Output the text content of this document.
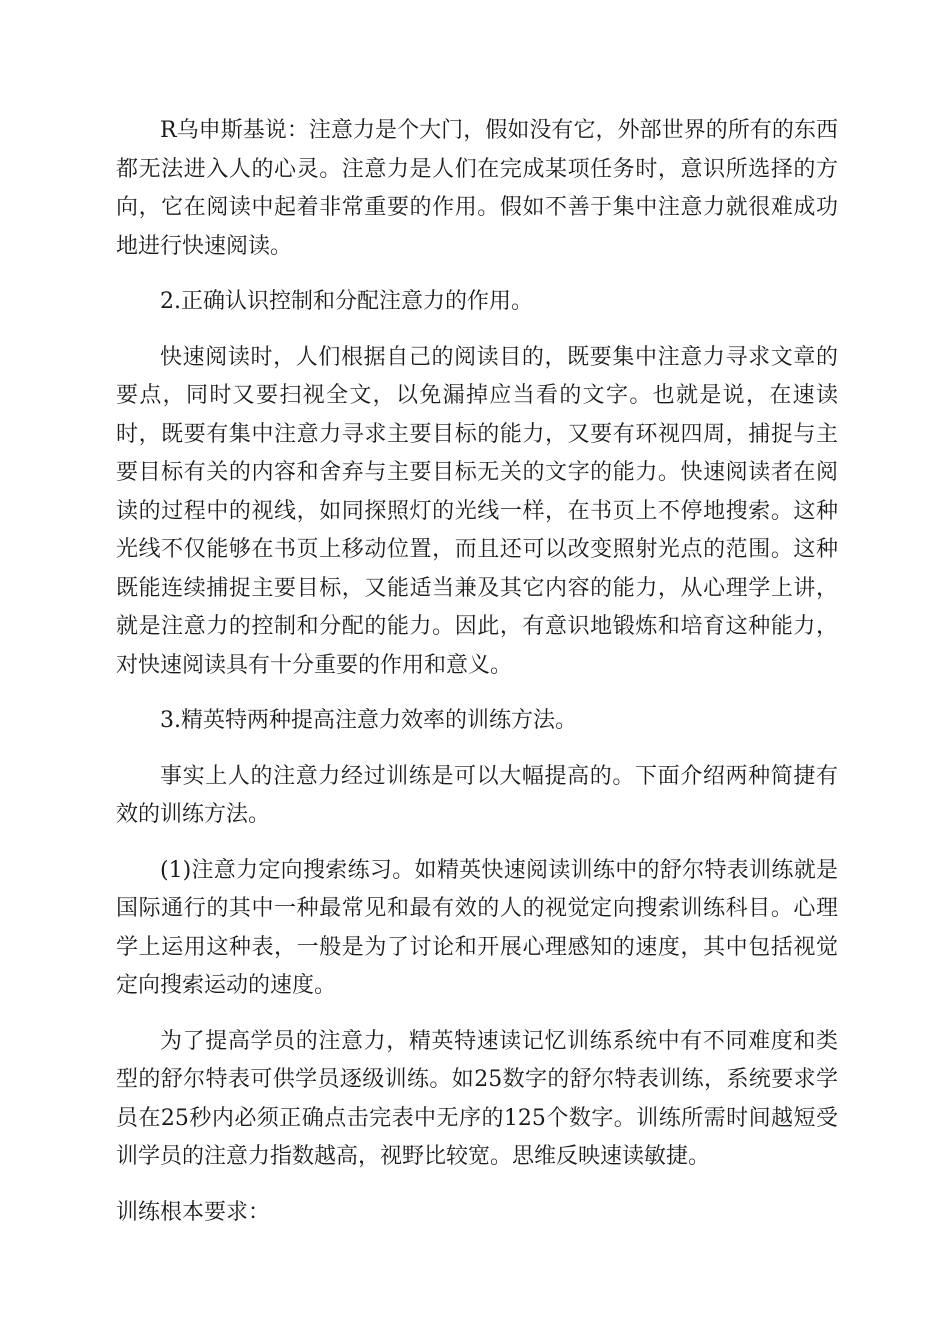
R乌申斯基说：注意力是个大门，假如没有它，外部世界的所有的东西都无法进入人的心灵。注意力是人们在完成某项任务时，意识所选择的方向，它在阅读中起着非常重要的作用。假如不善于集中注意力就很难成功地进行快速阅读。

2.正确认识控制和分配注意力的作用。

快速阅读时，人们根据自己的阅读目的，既要集中注意力寻求文章的要点，同时又要扫视全文，以免漏掉应当看的文字。也就是说，在速读时，既要有集中注意力寻求主要目标的能力，又要有环视四周，捕捉与主要目标有关的内容和舍弃与主要目标无关的文字的能力。快速阅读者在阅读的过程中的视线，如同探照灯的光线一样，在书页上不停地搜索。这种光线不仅能够在书页上移动位置，而且还可以改变照射光点的范围。这种既能连续捕捉主要目标，又能适当兼及其它内容的能力，从心理学上讲，就是注意力的控制和分配的能力。因此，有意识地锻炼和培育这种能力，对快速阅读具有十分重要的作用和意义。

3.精英特两种提高注意力效率的训练方法。

事实上人的注意力经过训练是可以大幅提高的。下面介绍两种简捷有效的训练方法。

(1)注意力定向搜索练习。如精英快速阅读训练中的舒尔特表训练就是国际通行的其中一种最常见和最有效的人的视觉定向搜索训练科目。心理学上运用这种表，一般是为了讨论和开展心理感知的速度，其中包括视觉定向搜索运动的速度。

为了提高学员的注意力，精英特速读记忆训练系统中有不同难度和类型的舒尔特表可供学员逐级训练。如25数字的舒尔特表训练，系统要求学员在25秒内必须正确点击完表中无序的125个数字。训练所需时间越短受训学员的注意力指数越高，视野比较宽。思维反映速读敏捷。

训练根本要求：
